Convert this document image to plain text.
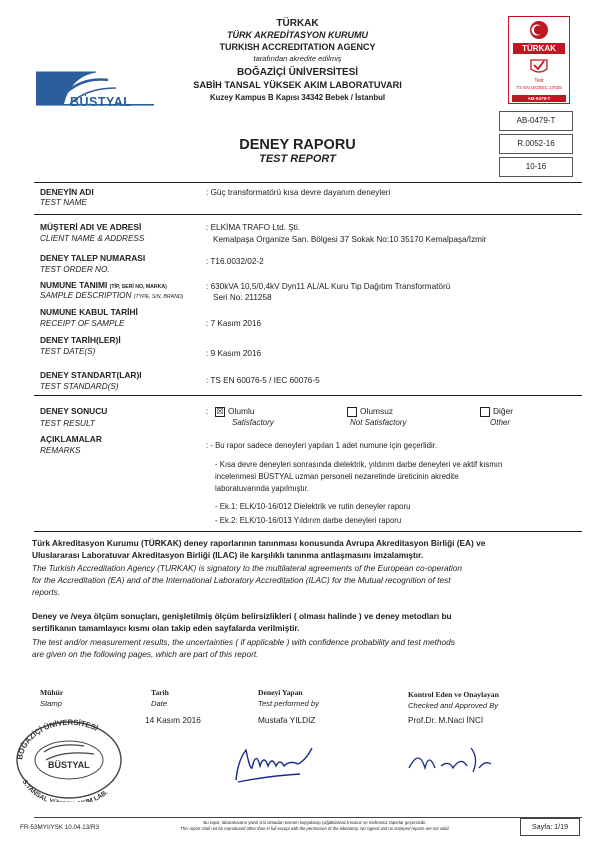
TÜRKAK
TÜRK AKREDİTASYON KURUMU
TURKISH ACCREDITATION AGENCY
tarafından akredite edilmiş
BOĞAZİÇİ ÜNİVERSİTESİ
SABİH TANSAL YÜKSEK AKIM LABORATUVARI
Kuzey Kampus B Kapısı 34342 Bebek / İstanbul
DENEY RAPORU
TEST REPORT
BÜSTYAL
TÜRKAK
Test
TS EN ISO/IEC 17025
AB-0479-T
AB-0479-T
R.0052-16
10-16
DENEYİN ADI
TEST NAME
: Güç transformatörü kısa devre dayanım deneyleri
MÜŞTERİ ADI VE ADRESİ
CLIENT NAME & ADDRESS
: ELKİMA TRAFO Ltd. Şti.
Kemalpaşa Organize San. Bölgesi 37 Sokak No:10 35170 Kemalpaşa/İzmir
DENEY TALEP NUMARASI
TEST ORDER NO.
: T16.0032/02-2
NUMUNE TANIMI (TİP, SERİ NO, MARKA)
SAMPLE DESCRIPTION (TYPE, S/N, BRAND)
: 630kVA 10,5/0,4kV Dyn11 AL/AL Kuru Tip Dağıtım Transformatörü
Seri No: 211258
NUMUNE KABUL TARİHİ
RECEIPT OF SAMPLE	: 7 Kasım 2016
DENEY TARİH(LER)İ
TEST DATE(S)	: 9 Kasım 2016
DENEY STANDART(LAR)I
TEST STANDARD(S)
: TS EN 60076-5 / IEC 60076-5
DENEY SONUCU
TEST RESULT
: ☒ Olumlu
Satisfactory
Olumsuz
Not Satisfactory
Diğer
Other
AÇIKLAMALAR
REMARKS
: - Bu rapor sadece deneyleri yapılan 1 adet numune için geçerlidir.
- Kısa devre deneyleri sonrasında dielektrik, yıldırım darbe deneyleri ve aktif kısmın
incelenmesi BÜSTYAL uzman personeli nezaretinde üreticinin akredite
laboratuvarında yapılmıştır.
- Ek.1: ELK/10-16/012 Dielektrik ve rutin deneyler raporu
- Ek.2: ELK/10-16/013 Yıldırım darbe deneyleri raporu
Türk Akreditasyon Kurumu (TÜRKAK) deney raporlarının tanınması konusunda Avrupa Akreditasyon Birliği (EA) ve
Uluslararası Laboratuvar Akreditasyon Birliği (ILAC) ile karşılıklı tanınma antlaşmasını imzalamıştır.
The Turkish Accreditation Agency (TURKAK) is signatory to the multilateral agreements of the European co-operation
for the Accreditation (EA) and of the International Laboratory Accreditation (ILAC) for the Mutual recognition of test
reports.
Deney ve /veya ölçüm sonuçları, genişletilmiş ölçüm belirsizlikleri ( olması halinde ) ve deney metodları bu
sertifikanın tamamlayıcı kısmı olan takip eden sayfalarda verilmiştir.
The test and/or measurement results, the uncertainties ( if applicable ) with confidence probability and test methods
are given on the following pages, which are part of this report.
Mühür
Stamp
Tarih
Date
14 Kasım 2016
Deneyi Yapan
Test performed by
Mustafa YILDIZ
Kontrol Eden ve Onaylayan
Checked and Approved By
Prof.Dr. M.Naci İNCİ
BOĞAZİÇİ ÜNİVERSİTESİ
S.TANSAL Y M LAB.
BÜSTYAL
FR-53MYI/YSK 10.04.13/R3
Bu rapor, laboratuvarın yazılı izni olmadan kısmen kopyalanıp çoğaltılamaz.İmzasız ve mühürsüz raporlar geçersizdir.
This report shall not be reproduced other than in full except with the permission of the laboratory. No signed and no stamped reports are not valid.	Sayfa: 1/19
